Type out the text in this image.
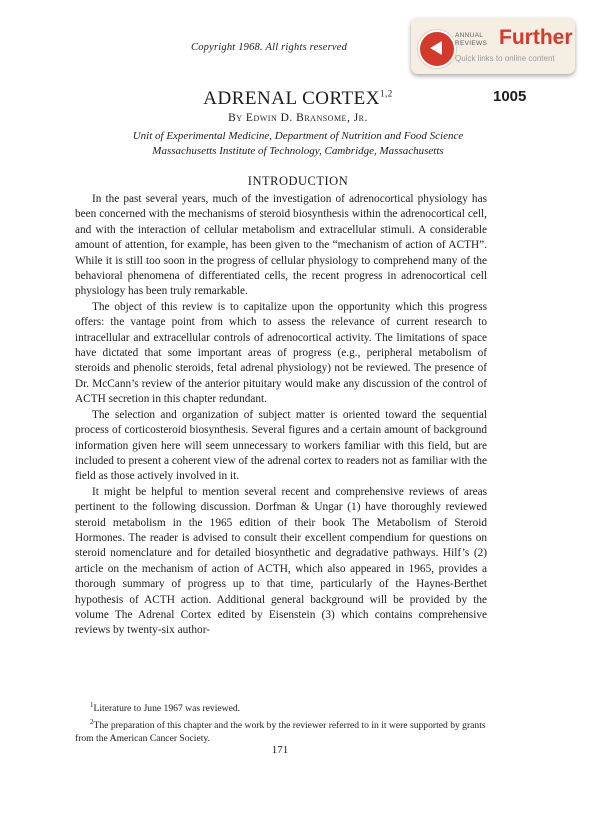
Copyright 1968. All rights reserved
ANNUAL
REVIEWS Further
Quick links to online content
ADRENAL CORTEX$^{1,2}$	1005
By Edwin D. Bransome, Jr.
Unit of Experimental Medicine, Department of Nutrition and Food Science
Massachusetts Institute of Technology, Cambridge, Massachusetts
INTRODUCTION

In the past several years, much of the investigation of adrenocortical physiology has been concerned with the mechanisms of steroid biosynthesis within the adrenocortical cell, and with the interaction of cellular metabolism and extracellular stimuli. A considerable amount of attention, for example, has been given to the “mechanism of action of ACTH”. While it is still too soon in the progress of cellular physiology to comprehend many of the behavioral phenomena of differentiated cells, the recent progress in adrenocortical cell physiology has been truly remarkable.

The object of this review is to capitalize upon the opportunity which this progress offers: the vantage point from which to assess the relevance of current research to intracellular and extracellular controls of adrenocortical activity. The limitations of space have dictated that some important areas of progress (e.g., peripheral metabolism of steroids and phenolic steroids, fetal adrenal physiology) not be reviewed. The presence of Dr. McCann’s review of the anterior pituitary would make any discussion of the control of ACTH secretion in this chapter redundant.

The selection and organization of subject matter is oriented toward the sequential process of corticosteroid biosynthesis. Several figures and a certain amount of background information given here will seem unnecessary to workers familiar with this field, but are included to present a coherent view of the adrenal cortex to readers not as familiar with the field as those actively involved in it.

It might be helpful to mention several recent and comprehensive reviews of areas pertinent to the following discussion. Dorfman & Ungar (1) have thoroughly reviewed steroid metabolism in the 1965 edition of their book The Metabolism of Steroid Hormones. The reader is advised to consult their excellent compendium for questions on steroid nomenclature and for detailed biosynthetic and degradative pathways. Hilf’s (2) article on the mechanism of action of ACTH, which also appeared in 1965, provides a thorough summary of progress up to that time, particularly of the Haynes-Berthet hypothesis of ACTH action. Additional general background will be provided by the volume The Adrenal Cortex edited by Eisenstein (3) which contains comprehensive reviews by twenty-six author-

$^1$Literature to June 1967 was reviewed.

$^2$The preparation of this chapter and the work by the reviewer referred to in it were supported by grants from the American Cancer Society.

171
